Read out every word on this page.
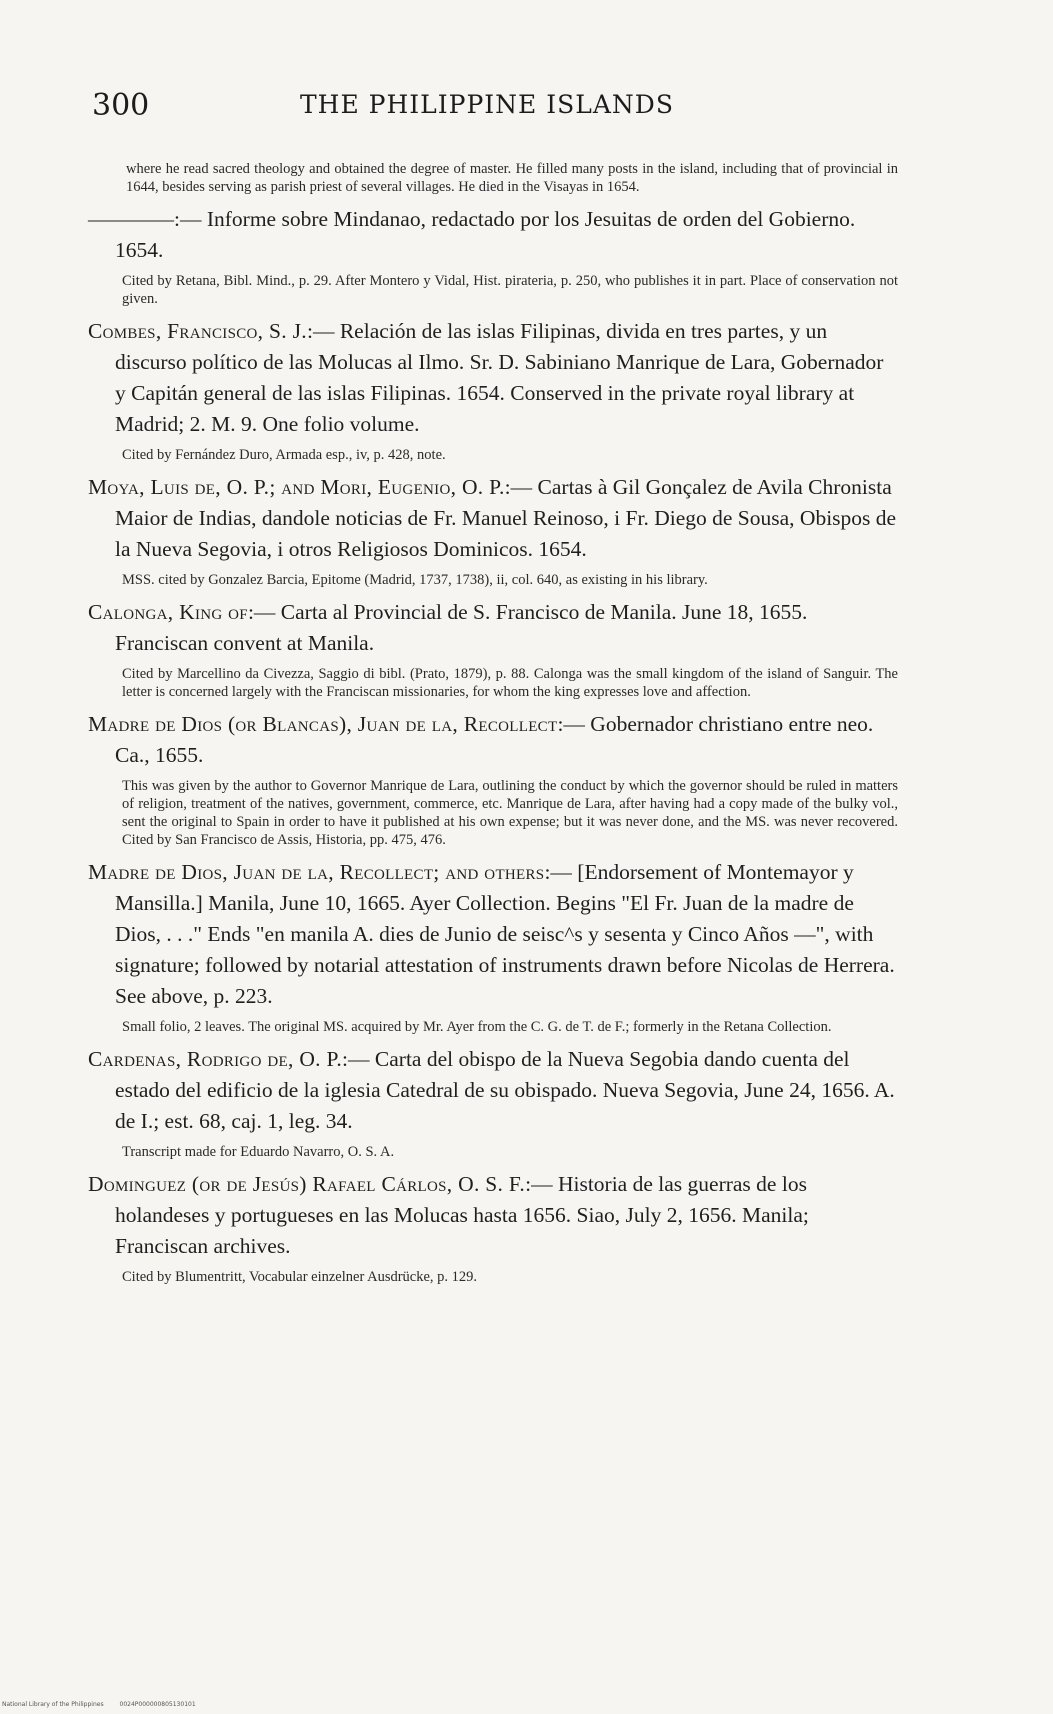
300	THE PHILIPPINE ISLANDS

where he read sacred theology and obtained the degree of master. He filled many posts in the island, including that of provincial in 1644, besides serving as parish priest of several villages. He died in the Visayas in 1654.

————:— Informe sobre Mindanao, redactado por los Jesuitas de orden del Gobierno. 1654.

Cited by Retana, Bibl. Mind., p. 29. After Montero y Vidal, Hist. pirateria, p. 250, who publishes it in part. Place of conservation not given.

Combes, Francisco, S. J.:— Relación de las islas Filipinas, divida en tres partes, y un discurso político de las Molucas al Ilmo. Sr. D. Sabiniano Manrique de Lara, Gobernador y Capitán general de las islas Filipinas. 1654. Conserved in the private royal library at Madrid; 2. M. 9. One folio volume.

Cited by Fernández Duro, Armada esp., iv, p. 428, note.

Moya, Luis de, O. P.; and Mori, Eugenio, O. P.:— Cartas à Gil Gonçalez de Avila Chronista Maior de Indias, dandole noticias de Fr. Manuel Reinoso, i Fr. Diego de Sousa, Obispos de la Nueva Segovia, i otros Religiosos Dominicos. 1654.

MSS. cited by Gonzalez Barcia, Epitome (Madrid, 1737, 1738), ii, col. 640, as existing in his library.

Calonga, King of:— Carta al Provincial de S. Francisco de Manila. June 18, 1655. Franciscan convent at Manila.

Cited by Marcellino da Civezza, Saggio di bibl. (Prato, 1879), p. 88. Calonga was the small kingdom of the island of Sanguir. The letter is concerned largely with the Franciscan missionaries, for whom the king expresses love and affection.

Madre de Dios (or Blancas), Juan de la, Recollect:— Gobernador christiano entre neo. Ca., 1655.

This was given by the author to Governor Manrique de Lara, outlining the conduct by which the governor should be ruled in matters of religion, treatment of the natives, government, commerce, etc. Manrique de Lara, after having had a copy made of the bulky vol., sent the original to Spain in order to have it published at his own expense; but it was never done, and the MS. was never recovered. Cited by San Francisco de Assis, Historia, pp. 475, 476.

Madre de Dios, Juan de la, Recollect; and others:— [Endorsement of Montemayor y Mansilla.] Manila, June 10, 1665. Ayer Collection. Begins "El Fr. Juan de la madre de Dios, . . ." Ends "en manila A. dies de Junio de seisc^s y sesenta y Cinco Años —", with signature; followed by notarial attestation of instruments drawn before Nicolas de Herrera. See above, p. 223.

Small folio, 2 leaves. The original MS. acquired by Mr. Ayer from the C. G. de T. de F.; formerly in the Retana Collection.

Cardenas, Rodrigo de, O. P.:— Carta del obispo de la Nueva Segobia dando cuenta del estado del edificio de la iglesia Catedral de su obispado. Nueva Segovia, June 24, 1656. A. de I.; est. 68, caj. 1, leg. 34.

Transcript made for Eduardo Navarro, O. S. A.

Dominguez (or de Jesús) Rafael Cárlos, O. S. F.:— Historia de las guerras de los holandeses y portugueses en las Molucas hasta 1656. Siao, July 2, 1656. Manila; Franciscan archives.

Cited by Blumentritt, Vocabular einzelner Ausdrücke, p. 129.

National Library of the Philippines	0024P000000805130101
